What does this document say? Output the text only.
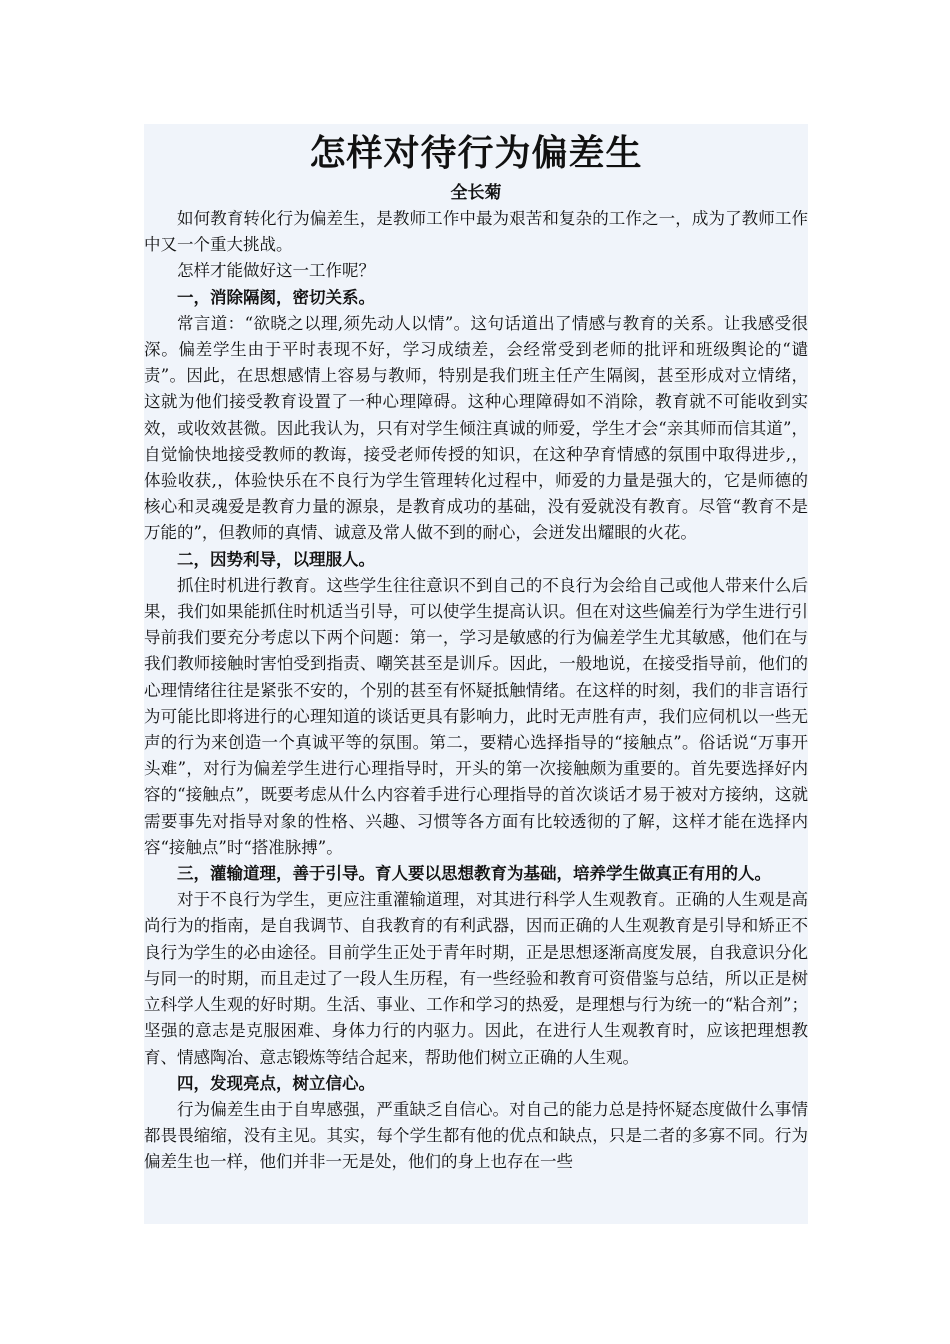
怎样对待行为偏差生
全长菊

如何教育转化行为偏差生，是教师工作中最为艰苦和复杂的工作之一，成为了教师工作中又一个重大挑战。

怎样才能做好这一工作呢？

一，消除隔阂，密切关系。

常言道：“欲晓之以理,须先动人以情”。这句话道出了情感与教育的关系。让我感受很深。偏差学生由于平时表现不好，学习成绩差，会经常受到老师的批评和班级舆论的“谴责”。因此，在思想感情上容易与教师，特别是我们班主任产生隔阂，甚至形成对立情绪，这就为他们接受教育设置了一种心理障碍。这种心理障碍如不消除，教育就不可能收到实效，或收效甚微。因此我认为，只有对学生倾注真诚的师爱，学生才会“亲其师而信其道”，自觉愉快地接受教师的教诲，接受老师传授的知识，在这种孕育情感的氛围中取得进步,，体验收获,，体验快乐在不良行为学生管理转化过程中，师爱的力量是强大的，它是师德的核心和灵魂爱是教育力量的源泉，是教育成功的基础，没有爱就没有教育。尽管“教育不是万能的”，但教师的真情、诚意及常人做不到的耐心，会迸发出耀眼的火花。

二，因势利导，以理服人。

抓住时机进行教育。这些学生往往意识不到自己的不良行为会给自己或他人带来什么后果，我们如果能抓住时机适当引导，可以使学生提高认识。但在对这些偏差行为学生进行引导前我们要充分考虑以下两个问题：第一，学习是敏感的行为偏差学生尤其敏感，他们在与我们教师接触时害怕受到指责、嘲笑甚至是训斥。因此，一般地说，在接受指导前，他们的心理情绪往往是紧张不安的，个别的甚至有怀疑抵触情绪。在这样的时刻，我们的非言语行为可能比即将进行的心理知道的谈话更具有影响力，此时无声胜有声，我们应伺机以一些无声的行为来创造一个真诚平等的氛围。第二，要精心选择指导的“接触点”。俗话说“万事开头难”，对行为偏差学生进行心理指导时，开头的第一次接触颇为重要的。首先要选择好内容的“接触点”，既要考虑从什么内容着手进行心理指导的首次谈话才易于被对方接纳，这就需要事先对指导对象的性格、兴趣、习惯等各方面有比较透彻的了解，这样才能在选择内容“接触点”时“搭准脉搏”。

三，灌输道理，善于引导。育人要以思想教育为基础，培养学生做真正有用的人。

对于不良行为学生，更应注重灌输道理，对其进行科学人生观教育。正确的人生观是高尚行为的指南，是自我调节、自我教育的有利武器，因而正确的人生观教育是引导和矫正不良行为学生的必由途径。目前学生正处于青年时期，正是思想逐渐高度发展，自我意识分化与同一的时期，而且走过了一段人生历程，有一些经验和教育可资借鉴与总结，所以正是树立科学人生观的好时期。生活、事业、工作和学习的热爱，是理想与行为统一的“粘合剂”；坚强的意志是克服困难、身体力行的内驱力。因此，在进行人生观教育时，应该把理想教育、情感陶冶、意志锻炼等结合起来，帮助他们树立正确的人生观。

四，发现亮点，树立信心。

行为偏差生由于自卑感强，严重缺乏自信心。对自己的能力总是持怀疑态度做什么事情都畏畏缩缩，没有主见。其实，每个学生都有他的优点和缺点，只是二者的多寡不同。行为偏差生也一样，他们并非一无是处，他们的身上也存在一些
